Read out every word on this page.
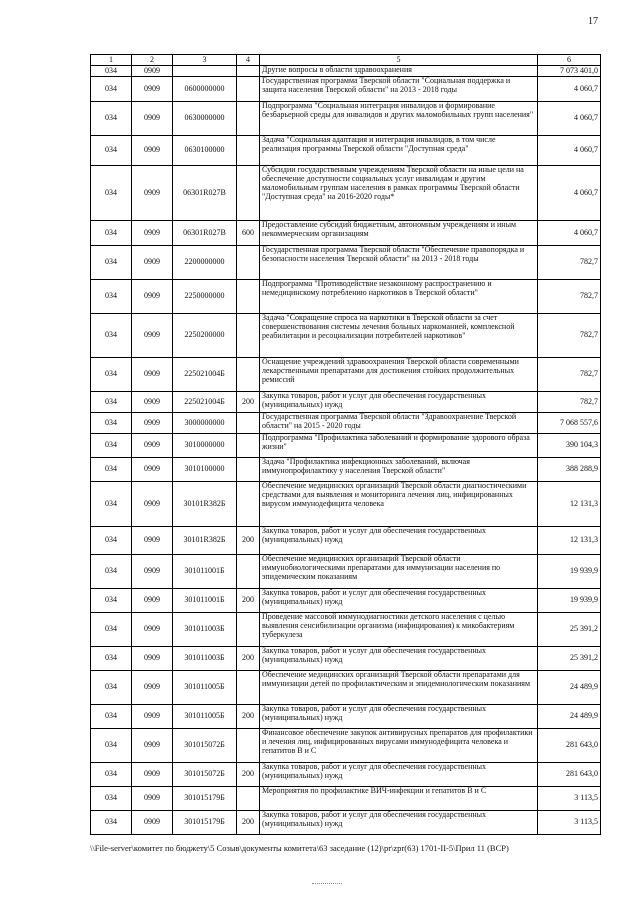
17
1	2	3	4	5	6
034	0909			Другие вопросы в области здравоохранения	7 073 401,0
034	0909	0600000000		Государственная программа Тверской области "Социальная поддержка и защита населения Тверской области" на 2013 - 2018 годы	4 060,7
034	0909	0630000000		Подпрограмма "Социальная интеграция инвалидов и формирование безбарьерной среды для инвалидов и других маломобильных групп населения"	4 060,7
034	0909	0630100000		Задача "Социальная адаптация и интеграция инвалидов, в том числе реализация программы Тверской области "Доступная среда"	4 060,7
034	0909	06301R027B		Субсидии государственным учреждениям Тверской области на иные цели на обеспечение доступности социальных услуг инвалидам и другим маломобильным группам населения в рамках программы Тверской области "Доступная среда" на 2016-2020 годы*	4 060,7
034	0909	06301R027B	600	Предоставление субсидий бюджетным, автономным учреждениям и иным некоммерческим организациям	4 060,7
034	0909	2200000000		Государственная программа Тверской области "Обеспечение правопорядка и безопасности населения Тверской области" на 2013 - 2018 годы	782,7
034	0909	2250000000		Подпрограмма "Противодействие незаконному распространению и немедицинскому потреблению наркотиков в Тверской области"	782,7
034	0909	2250200000		Задача "Сокращение спроса на наркотики в Тверской области за счет совершенствования системы лечения больных наркоманией, комплексной реабилитации и ресоциализации потребителей наркотиков"	782,7
034	0909	225021004Б		Оснащение учреждений здравоохранения Тверской области современными лекарственными препаратами для достижения стойких продолжительных ремиссий	782,7
034	0909	225021004Б	200	Закупка товаров, работ и услуг для обеспечения государственных (муниципальных) нужд	782,7
034	0909	3000000000		Государственная программа Тверской области "Здравоохранение Тверской области" на 2015 - 2020 годы	7 068 557,6
034	0909	3010000000		Подпрограмма "Профилактика заболеваний и формирование здорового образа жизни"	390 104,3
034	0909	3010100000		Задача "Профилактика инфекционных заболеваний, включая иммунопрофилактику у населения Тверской области"	388 288,9
034	0909	30101R382Б		Обеспечение медицинских организаций Тверской области диагностическими средствами для выявления и мониторинга лечения лиц, инфицированных вирусом иммунодефицита человека	12 131,3
034	0909	30101R382Б	200	Закупка товаров, работ и услуг для обеспечения государственных (муниципальных) нужд	12 131,3
034	0909	301011001Б		Обеспечение медицинских организаций Тверской области иммунобиологическими препаратами для иммунизации населения по эпидемическим показаниям	19 939,9
034	0909	301011001Б	200	Закупка товаров, работ и услуг для обеспечения государственных (муниципальных) нужд	19 939,9
034	0909	301011003Б		Проведение массовой иммунодиагностики детского населения с целью выявления сенсибилизации организма (инфицирования) к микобактериям туберкулеза	25 391,2
034	0909	301011003Б	200	Закупка товаров, работ и услуг для обеспечения государственных (муниципальных) нужд	25 391,2
034	0909	301011005Б		Обеспечение медицинских организаций Тверской области препаратами для иммунизации детей по профилактическим и эпидемиологическим показаниям	24 489,9
034	0909	301011005Б	200	Закупка товаров, работ и услуг для обеспечения государственных (муниципальных) нужд	24 489,9
034	0909	301015072Б		Финансовое обеспечение закупок антивирусных препаратов для профилактики и лечения лиц, инфицированных вирусами иммунодефицита человека и гепатитов B и C	281 643,0
034	0909	301015072Б	200	Закупка товаров, работ и услуг для обеспечения государственных (муниципальных) нужд	281 643,0
034	0909	301015179Б		Мероприятия по профилактике ВИЧ-инфекции и гепатитов B и C	3 113,5
034	0909	301015179Б	200	Закупка товаров, работ и услуг для обеспечения государственных (муниципальных) нужд	3 113,5
\\File-server\комитет по бюджету\5 Созыв\документы комитета\63 заседание (12)\pr\zpr(63) 1701-II-5\Прил 11 (ВСР)
